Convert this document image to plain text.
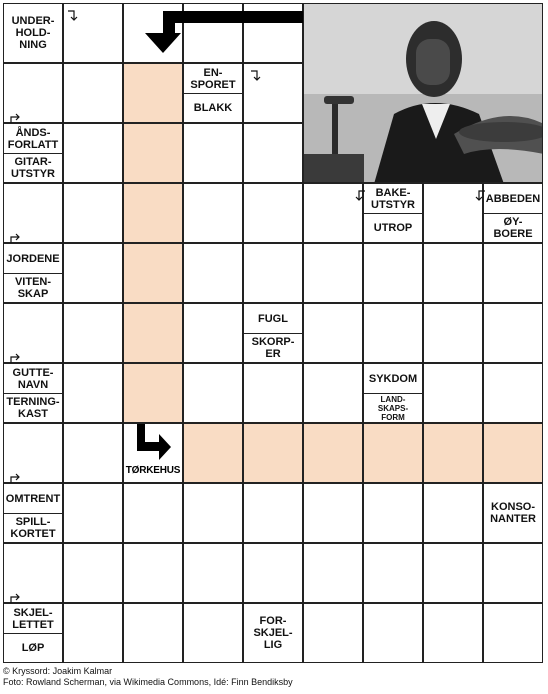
UNDER-
HOLD-
NING
EN-
SPORET
BLAKK
ÅNDS-
FORLATT
GITAR-
UTSTYR
BAKE-
UTSTYR
UTROP
ABBEDEN
ØY-
BOERE
JORDENE
VITEN-
SKAP
FUGL
SKORP-
ER
GUTTE-
NAVN
TERNING-
KAST
SYKDOM
LAND-
SKAPS-
FORM
OMTRENT
SPILL-
KORTET
KONSO-
NANTER
SKJEL-
LETTET
LØP
FOR-
SKJEL-
LIG
TØRKEHUS
© Kryssord: Joakim Kalmar
Foto: Rowland Scherman, via Wikimedia Commons, Idé: Finn Bendiksby
